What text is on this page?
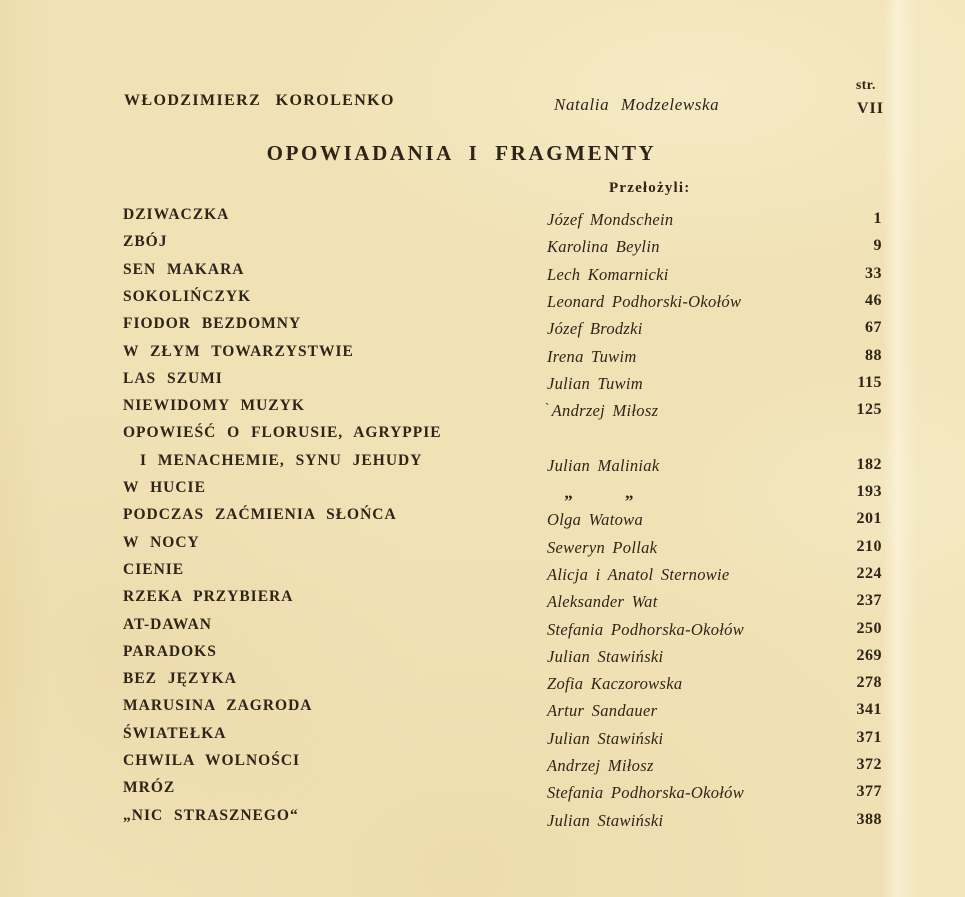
WŁODZIMIERZ KOROLENKO	Natalia Modzelewska
str.
VII
OPOWIADANIA I FRAGMENTY
Przełożyli:
DZIWACZKA	Józef Mondschein	1
ZBÓJ	Karolina Beylin	9
SEN MAKARA	Lech Komarnicki	33
SOKOLIŃCZYK	Leonard Podhorski-Okołów	46
FIODOR BEZDOMNY	Józef Brodzki	67
W ZŁYM TOWARZYSTWIE	Irena Tuwim	88
LAS SZUMI	Julian Tuwim	115
NIEWIDOMY MUZYK	` Andrzej Miłosz	125
OPOWIEŚĆ O FLORUSIE, AGRYPPIE
I MENACHEMIE, SYNU JEHUDY	Julian Maliniak	182
W HUCIE	 „   „	193
PODCZAS ZAĆMIENIA SŁOŃCA	Olga Watowa	201
W NOCY	Seweryn Pollak	210
CIENIE	Alicja i Anatol Sternowie	224
RZEKA PRZYBIERA	Aleksander Wat	237
AT-DAWAN	Stefania Podhorska-Okołów	250
PARADOKS	Julian Stawiński	269
BEZ JĘZYKA	Zofia Kaczorowska	278
MARUSINA ZAGRODA	Artur Sandauer	341
ŚWIATEŁKA	Julian Stawiński	371
CHWILA WOLNOŚCI	Andrzej Miłosz	372
MRÓZ	Stefania Podhorska-Okołów	377
„NIC STRASZNEGO“	Julian Stawiński	388
